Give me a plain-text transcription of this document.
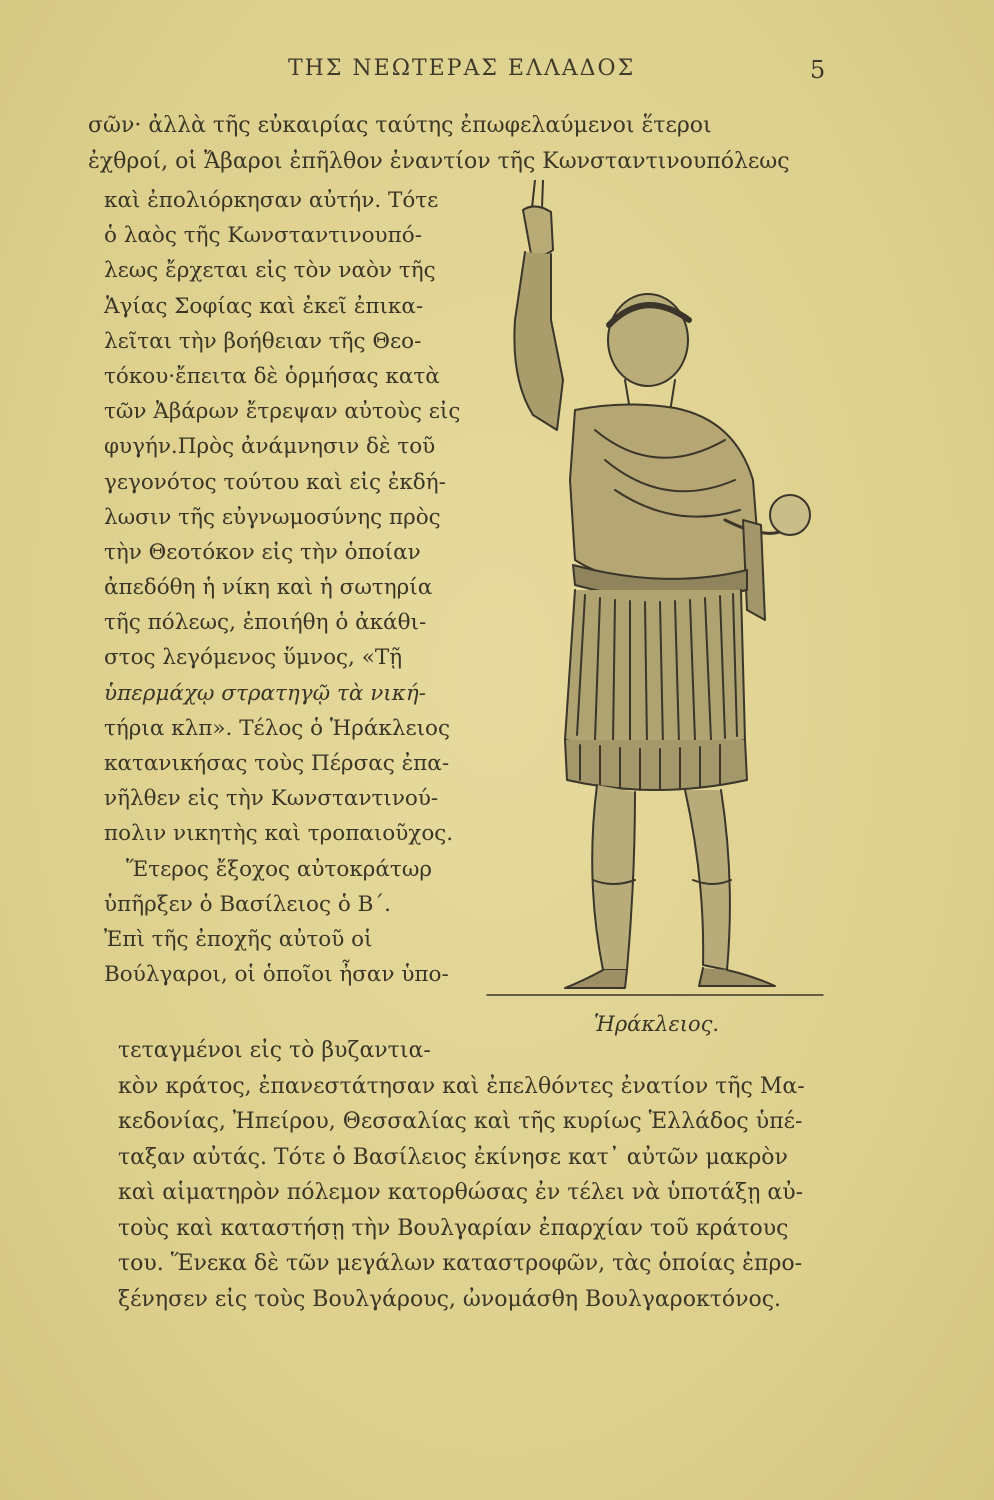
ΤΗΣ ΝΕΩΤΕΡΑΣ ΕΛΛΑΔΟΣ	5
σῶν· ἀλλὰ τῆς εὐκαιρίας ταύτης ἐπωφελαύμενοι ἕτεροι
ἐχθροί, οἱ Ἄβαροι ἐπῆλθον ἐναντίον τῆς Κωνσταντινουπόλεως
καὶ ἐπολιόρκησαν αὐτήν. Τότε
ὁ λαὸς τῆς Κωνσταντινουπό-
λεως ἔρχεται εἰς τὸν ναὸν τῆς
Ἁγίας Σοφίας καὶ ἐκεῖ ἐπικα-
λεῖται τὴν βοήθειαν τῆς Θεο-
τόκου·ἔπειτα δὲ ὁρμήσας κατὰ
τῶν Ἀβάρων ἔτρεψαν αὐτοὺς εἰς
φυγήν.Πρὸς ἀνάμνησιν δὲ τοῦ
γεγονότος τούτου καὶ εἰς ἐκδή-
λωσιν τῆς εὐγνωμοσύνης πρὸς
τὴν Θεοτόκον εἰς τὴν ὁποίαν
ἀπεδόθη ἡ νίκη καὶ ἡ σωτηρία
τῆς πόλεως, ἐποιήθη ὁ ἀκάθι-
στος λεγόμενος ὕμνος, «Τῇ
ὑπερμάχῳ στρατηγῷ τὰ νική-
τήρια κλπ». Τέλος ὁ Ἡράκλειος
κατανικήσας τοὺς Πέρσας ἐπα-
νῆλθεν εἰς τὴν Κωνσταντινού-
πολιν νικητὴς καὶ τροπαιοῦχος.
Ἕτερος ἔξοχος αὐτοκράτωρ
ὑπῆρξεν ὁ Βασίλειος ὁ Β΄.
Ἐπὶ τῆς ἐποχῆς αὐτοῦ οἱ
Βούλγαροι, οἱ ὁποῖοι ἦσαν ὑπο-
Ἡράκλειος.
τεταγμένοι εἰς τὸ βυζαντια-
κὸν κράτος, ἐπανεστάτησαν καὶ ἐπελθόντες ἐνατίον τῆς Μα-
κεδονίας, Ἠπείρου, Θεσσαλίας καὶ τῆς κυρίως Ἑλλάδος ὑπέ-
ταξαν αὐτάς. Τότε ὁ Βασίλειος ἐκίνησε κατ᾽ αὐτῶν μακρὸν
καὶ αἱματηρὸν πόλεμον κατορθώσας ἐν τέλει νὰ ὑποτάξῃ αὐ-
τοὺς καὶ καταστήσῃ τὴν Βουλγαρίαν ἐπαρχίαν τοῦ κράτους
του. Ἕνεκα δὲ τῶν μεγάλων καταστροφῶν, τὰς ὁποίας ἐπρο-
ξένησεν εἰς τοὺς Βουλγάρους, ὠνομάσθη Βουλγαροκτόνος.
